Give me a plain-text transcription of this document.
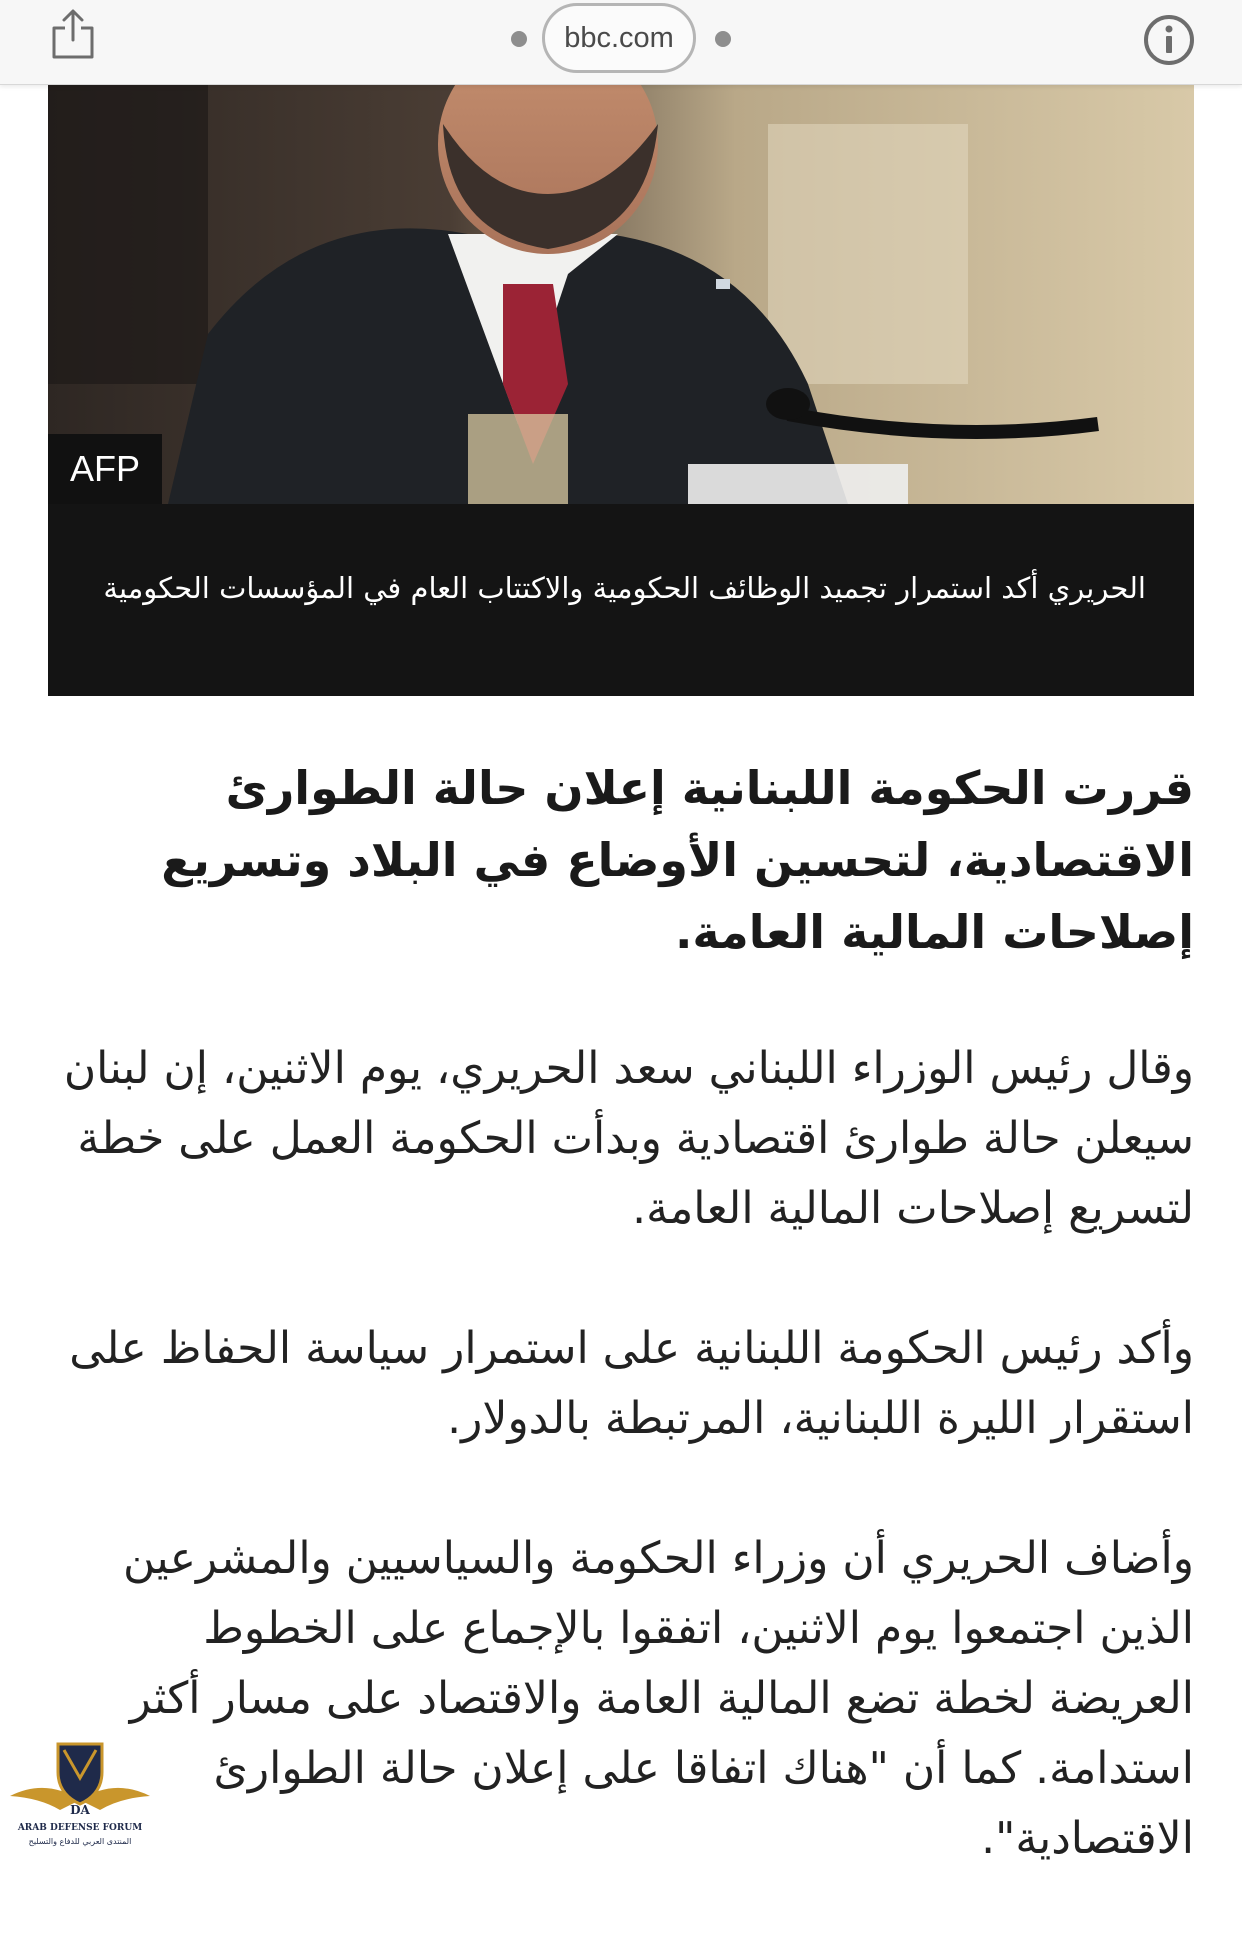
bbc.com
AFP

الحريري أكد استمرار تجميد الوظائف الحكومية والاكتتاب العام في المؤسسات الحكومية

قررت الحكومة اللبنانية إعلان حالة الطوارئ الاقتصادية، لتحسين الأوضاع في البلاد وتسريع إصلاحات المالية العامة.

وقال رئيس الوزراء اللبناني سعد الحريري، يوم الاثنين، إن لبنان سيعلن حالة طوارئ اقتصادية وبدأت الحكومة العمل على خطة لتسريع إصلاحات المالية العامة.

وأكد رئيس الحكومة اللبنانية على استمرار سياسة الحفاظ على استقرار الليرة اللبنانية، المرتبطة بالدولار.

وأضاف الحريري أن وزراء الحكومة والسياسيين والمشرعين الذين اجتمعوا يوم الاثنين، اتفقوا بالإجماع على الخطوط العريضة لخطة تضع المالية العامة والاقتصاد على مسار أكثر استدامة. كما أن "هناك اتفاقا على إعلان حالة الطوارئ الاقتصادية".

DA
ARAB DEFENSE FORUM
المنتدى العربي للدفاع والتسليح
